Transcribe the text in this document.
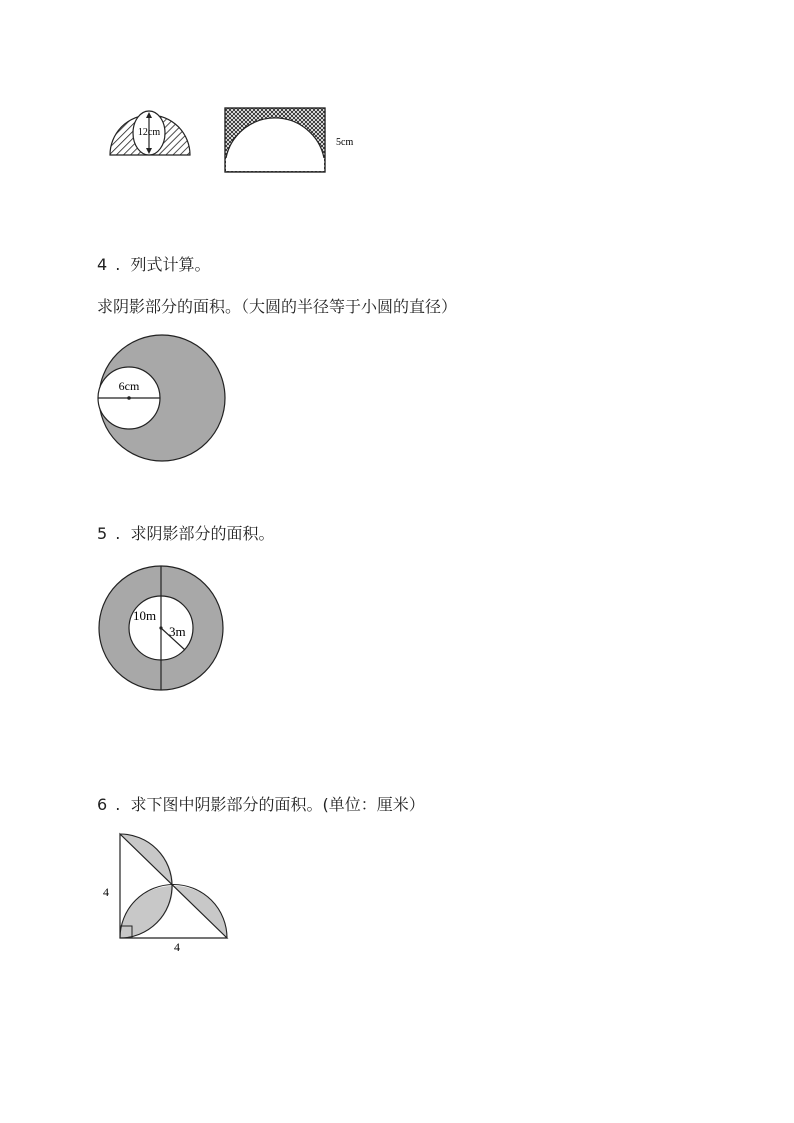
12cm
5cm
4 . 列式计算。
求阴影部分的面积。（大圆的半径等于小圆的直径）
6cm
5 . 求阴影部分的面积。
10m
3m
6 . 求下图中阴影部分的面积。(单位：厘米）
4
4
